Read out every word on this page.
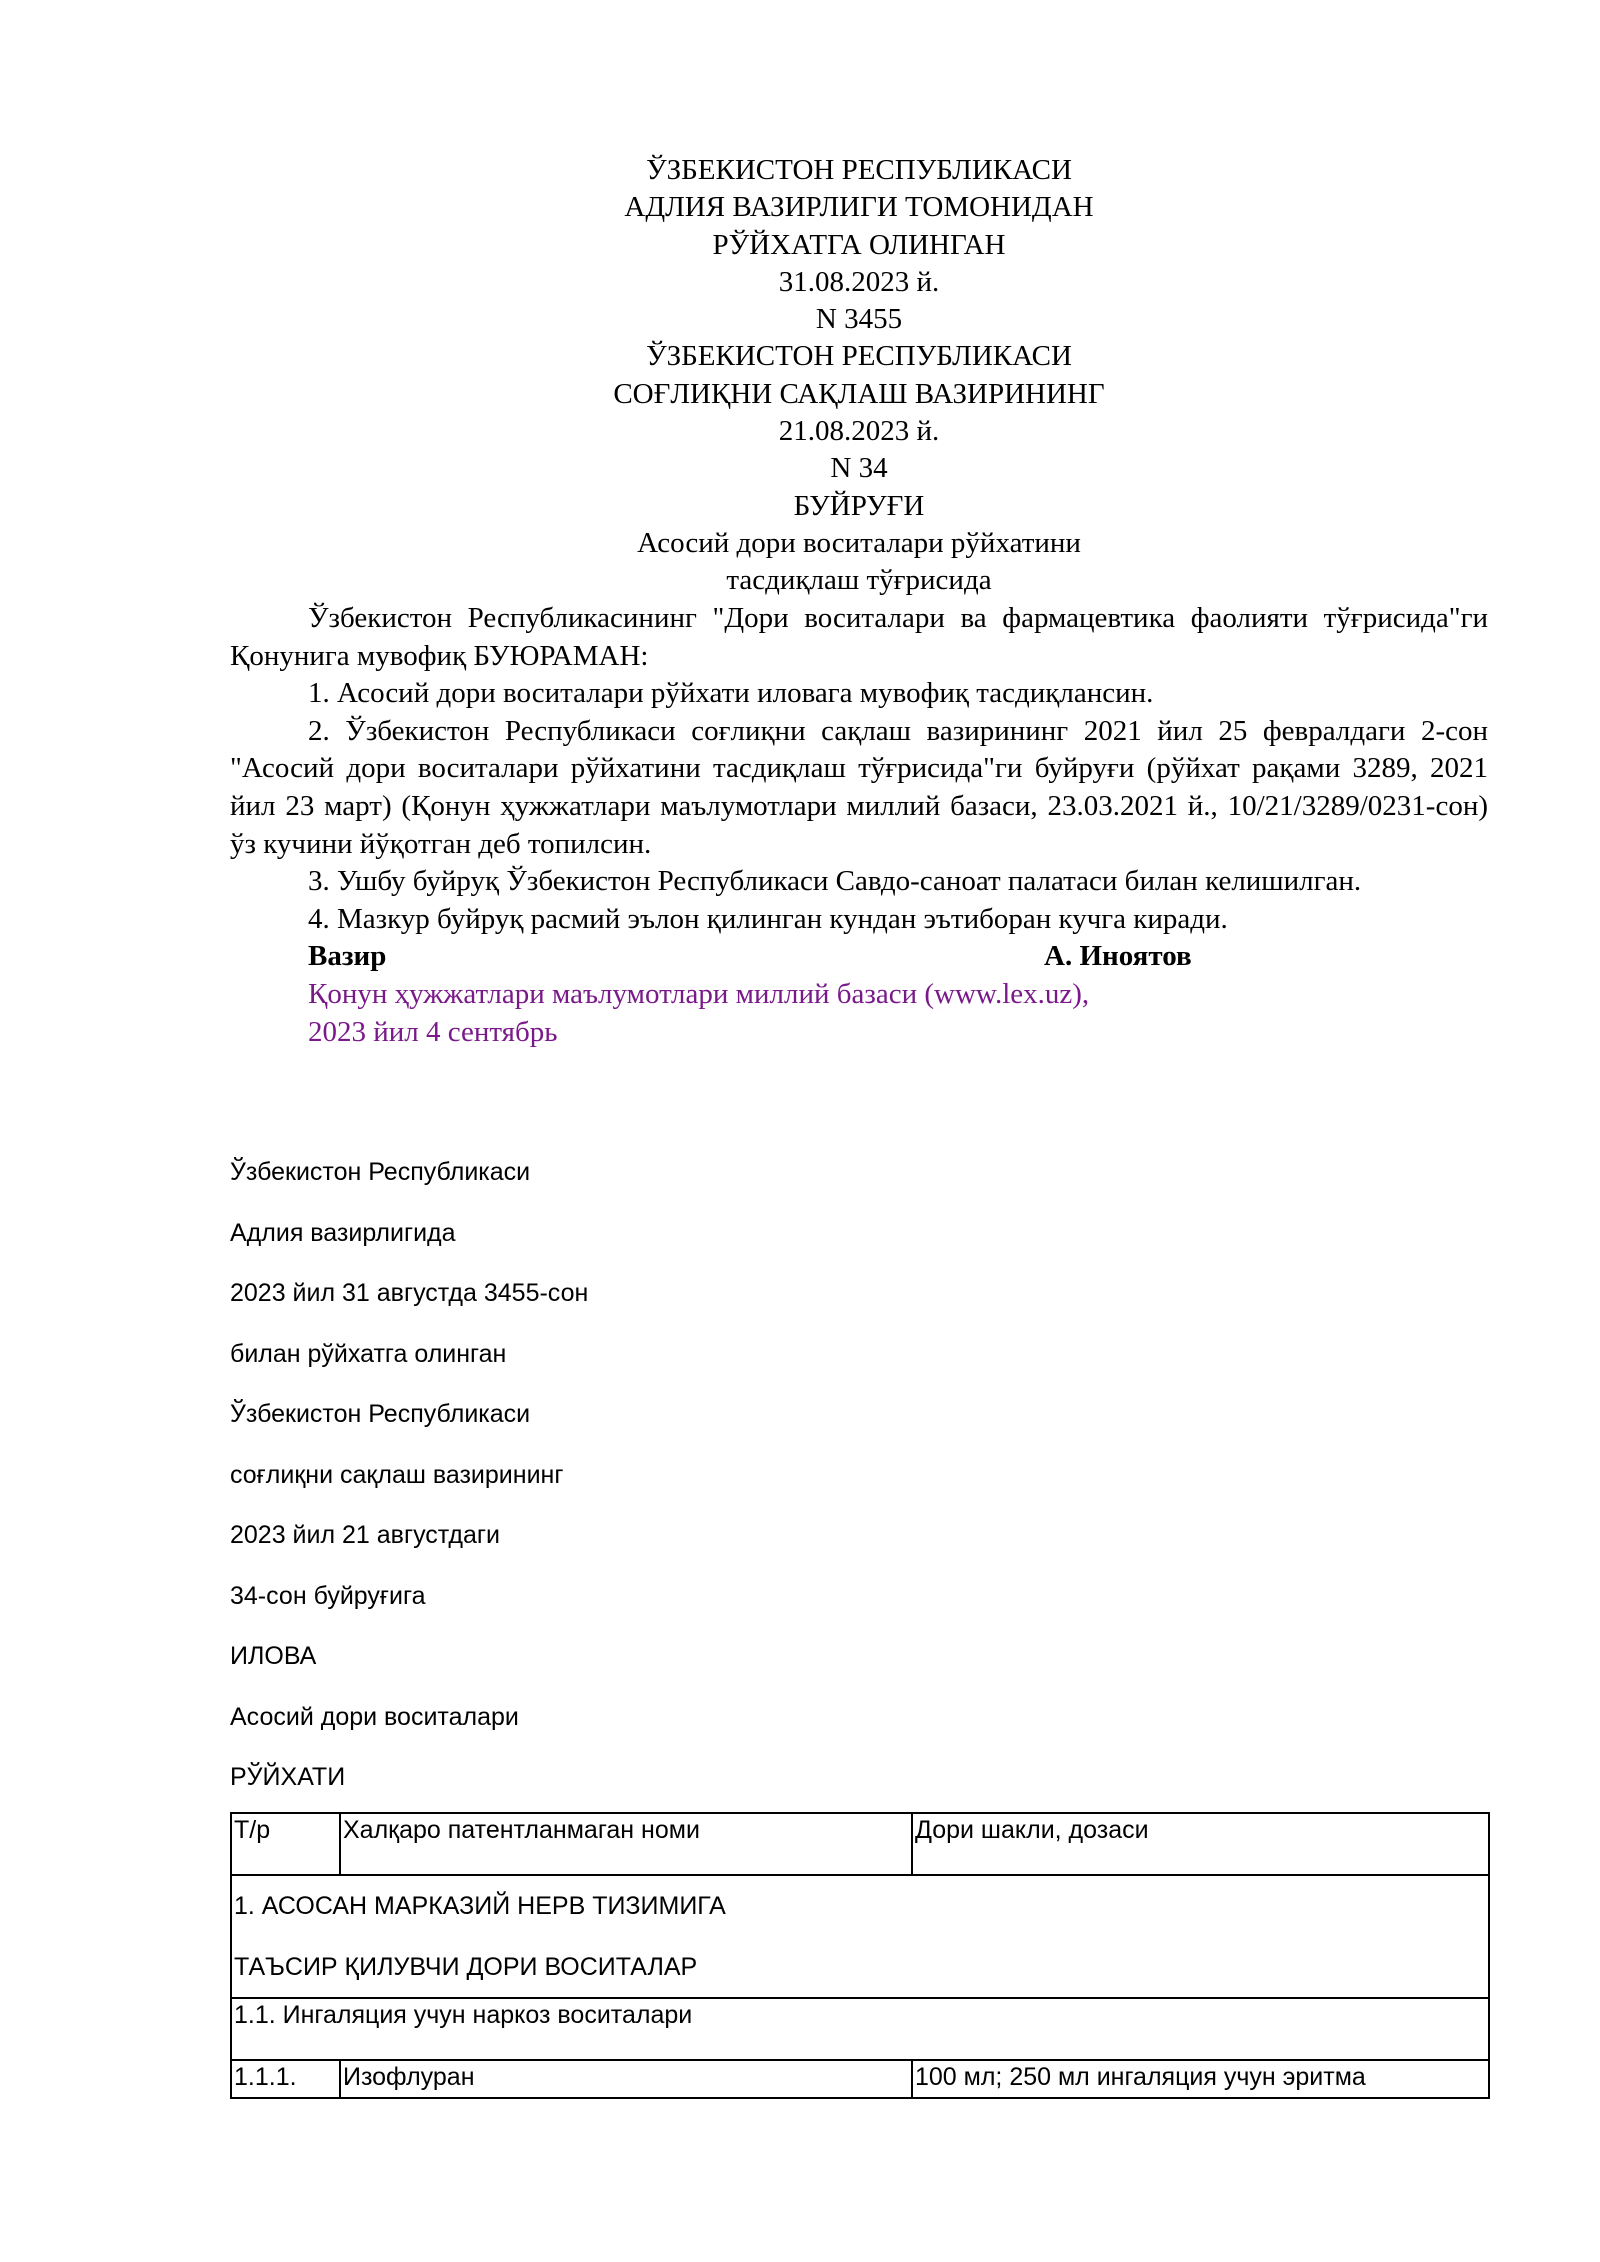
ЎЗБЕКИСТОН РЕСПУБЛИКАСИ
АДЛИЯ ВАЗИРЛИГИ ТОМОНИДАН
РЎЙХАТГА ОЛИНГАН
31.08.2023 й.
N 3455
ЎЗБЕКИСТОН РЕСПУБЛИКАСИ
СОҒЛИҚНИ САҚЛАШ ВАЗИРИНИНГ
21.08.2023 й.
N 34
БУЙРУҒИ
Асосий дори воситалари рўйхатини
тасдиқлаш тўғрисида
Ўзбекистон Республикасининг "Дори воситалари ва фармацевтика фаолияти тўғрисида"ги Қонунига мувофиқ БУЮРАМАН:
1. Асосий дори воситалари рўйхати иловага мувофиқ тасдиқлансин.
2. Ўзбекистон Республикаси соғлиқни сақлаш вазирининг 2021 йил 25 февралдаги 2-сон "Асосий дори воситалари рўйхатини тасдиқлаш тўғрисида"ги буйруғи (рўйхат рақами 3289, 2021 йил 23 март) (Қонун ҳужжатлари маълумотлари миллий базаси, 23.03.2021 й., 10/21/3289/0231-сон) ўз кучини йўқотган деб топилсин.
3. Ушбу буйруқ Ўзбекистон Республикаси Савдо-саноат палатаси билан келишилган.
4. Мазкур буйруқ расмий эълон қилинган кундан эътиборан кучга киради.
Вазир	А. Иноятов
Қонун ҳужжатлари маълумотлари миллий базаси (www.lex.uz),
2023 йил 4 сентябрь
Ўзбекистон Республикаси
Адлия вазирлигида
2023 йил 31 августда 3455-сон
билан рўйхатга олинган
Ўзбекистон Республикаси
соғлиқни сақлаш вазирининг
2023 йил 21 августдаги
34-сон буйруғига
ИЛОВА
Асосий дори воситалари
РЎЙХАТИ
Т/р	Халқаро патентланмаган номи	Дори шакли, дозаси

1. АСОСАН МАРКАЗИЙ НЕРВ ТИЗИМИГА
ТАЪСИР ҚИЛУВЧИ ДОРИ ВОСИТАЛАР		

1.1. Ингаляция учун наркоз воситалари		
1.1.1.	Изофлуран	100 мл; 250 мл ингаляция учун эритма
